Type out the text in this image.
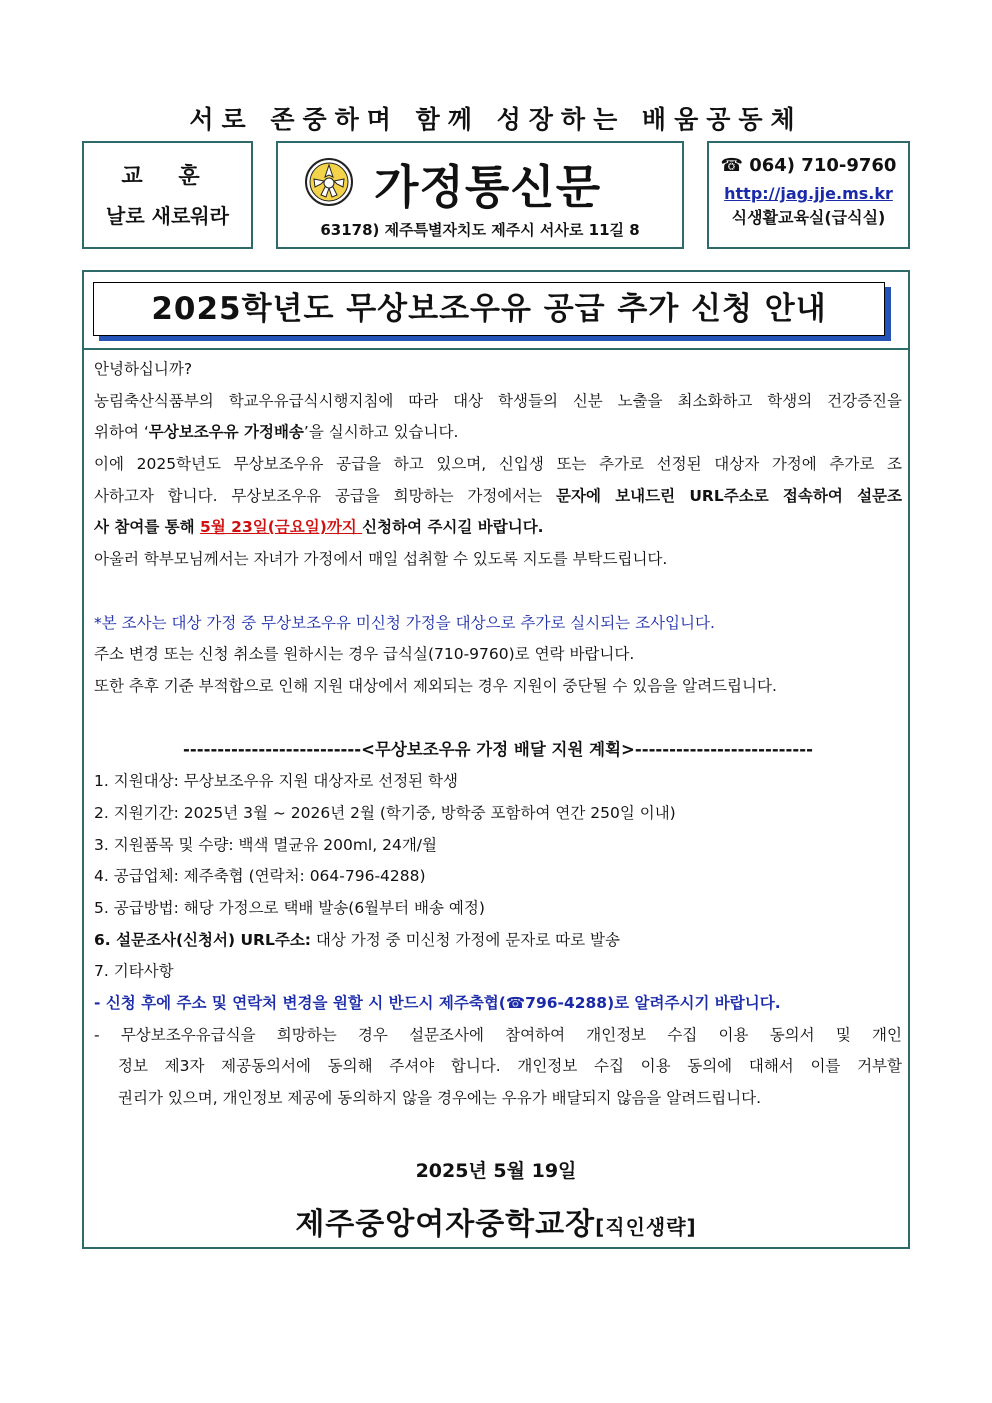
서로 존중하며 함께 성장하는 배움공동체
교 훈
날로 새로워라
가정통신문
63178) 제주특별자치도 제주시 서사로 11길 8
☎ 064) 710-9760
http://jag.jje.ms.kr
식생활교육실(급식실)
2025학년도 무상보조우유 공급 추가 신청 안내
안녕하십니까?
농림축산식품부의 학교우유급식시행지침에 따라 대상 학생들의 신분 노출을 최소화하고 학생의 건강증진을
위하여 ‘무상보조우유 가정배송’을 실시하고 있습니다.
이에 2025학년도 무상보조우유 공급을 하고 있으며, 신입생 또는 추가로 선정된 대상자 가정에 추가로 조
사하고자 합니다. 무상보조우유 공급을 희망하는 가정에서는 문자에 보내드린 URL주소로 접속하여 설문조
사 참여를 통해 5월 23일(금요일)까지 신청하여 주시길 바랍니다.
아울러 학부모님께서는 자녀가 가정에서 매일 섭취할 수 있도록 지도를 부탁드립니다.
*본 조사는 대상 가정 중 무상보조우유 미신청 가정을 대상으로 추가로 실시되는 조사입니다.
주소 변경 또는 신청 취소를 원하시는 경우 급식실(710-9760)로 연락 바랍니다.
또한 추후 기준 부적합으로 인해 지원 대상에서 제외되는 경우 지원이 중단될 수 있음을 알려드립니다.
--------------------------<무상보조우유 가정 배달 지원 계획>--------------------------
1. 지원대상: 무상보조우유 지원 대상자로 선정된 학생
2. 지원기간: 2025년 3월 ~ 2026년 2월 (학기중, 방학중 포함하여 연간 250일 이내)
3. 지원품목 및 수량: 백색 멸균유 200ml, 24개/월
4. 공급업체: 제주축협 (연락처: 064-796-4288)
5. 공급방법: 해당 가정으로 택배 발송(6월부터 배송 예정)
6. 설문조사(신청서) URL주소: 대상 가정 중 미신청 가정에 문자로 따로 발송
7. 기타사항
- 신청 후에 주소 및 연락처 변경을 원할 시 반드시 제주축협(☎796-4288)로 알려주시기 바랍니다.
- 무상보조우유급식을 희망하는 경우 설문조사에 참여하여 개인정보 수집 이용 동의서 및 개인
정보 제3자 제공동의서에 동의해 주셔야 합니다. 개인정보 수집 이용 동의에 대해서 이를 거부할
권리가 있으며, 개인정보 제공에 동의하지 않을 경우에는 우유가 배달되지 않음을 알려드립니다.
2025년 5월 19일
제주중앙여자중학교장[직인생략]
